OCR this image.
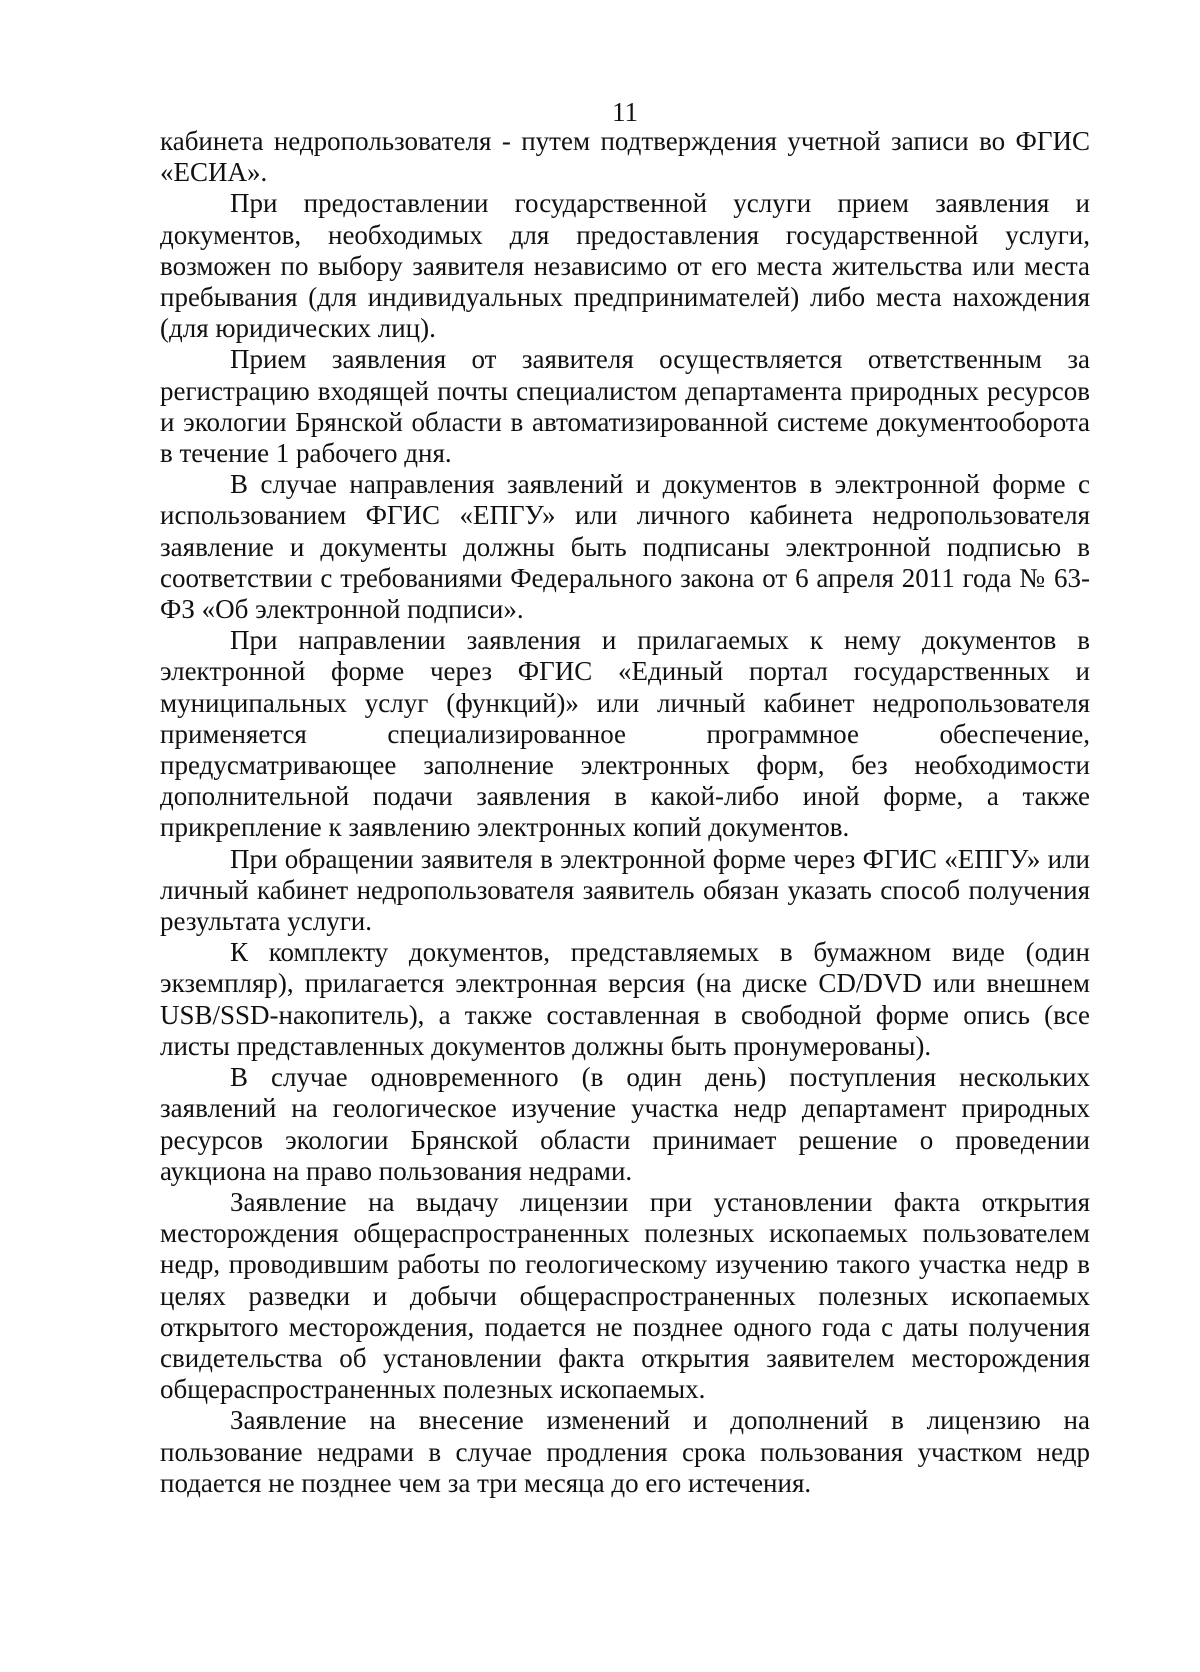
11

кабинета недропользователя - путем подтверждения учетной записи во ФГИС «ЕСИА».

При предоставлении государственной услуги прием заявления и документов, необходимых для предоставления государственной услуги, возможен по выбору заявителя независимо от его места жительства или места пребывания (для индивидуальных предпринимателей) либо места нахождения (для юридических лиц).

Прием заявления от заявителя осуществляется ответственным за регистрацию входящей почты специалистом департамента природных ресурсов и экологии Брянской области в автоматизированной системе документооборота в течение 1 рабочего дня.

В случае направления заявлений и документов в электронной форме с использованием ФГИС «ЕПГУ» или личного кабинета недропользователя заявление и документы должны быть подписаны электронной подписью в соответствии с требованиями Федерального закона от 6 апреля 2011 года № 63-ФЗ «Об электронной подписи».

При направлении заявления и прилагаемых к нему документов в электронной форме через ФГИС «Единый портал государственных и муниципальных услуг (функций)» или личный кабинет недропользователя применяется специализированное программное обеспечение, предусматривающее заполнение электронных форм, без необходимости дополнительной подачи заявления в какой-либо иной форме, а также прикрепление к заявлению электронных копий документов.

При обращении заявителя в электронной форме через ФГИС «ЕПГУ» или личный кабинет недропользователя заявитель обязан указать способ получения результата услуги.

К комплекту документов, представляемых в бумажном виде (один экземпляр), прилагается электронная версия (на диске CD/DVD или внешнем USB/SSD-накопитель), а также составленная в свободной форме опись (все листы представленных документов должны быть пронумерованы).

В случае одновременного (в один день) поступления нескольких заявлений на геологическое изучение участка недр департамент природных ресурсов экологии Брянской области принимает решение о проведении аукциона на право пользования недрами.

Заявление на выдачу лицензии при установлении факта открытия месторождения общераспространенных полезных ископаемых пользователем недр, проводившим работы по геологическому изучению такого участка недр в целях разведки и добычи общераспространенных полезных ископаемых открытого месторождения, подается не позднее одного года с даты получения свидетельства об установлении факта открытия заявителем месторождения общераспространенных полезных ископаемых.

Заявление на внесение изменений и дополнений в лицензию на пользование недрами в случае продления срока пользования участком недр подается не позднее чем за три месяца до его истечения.
